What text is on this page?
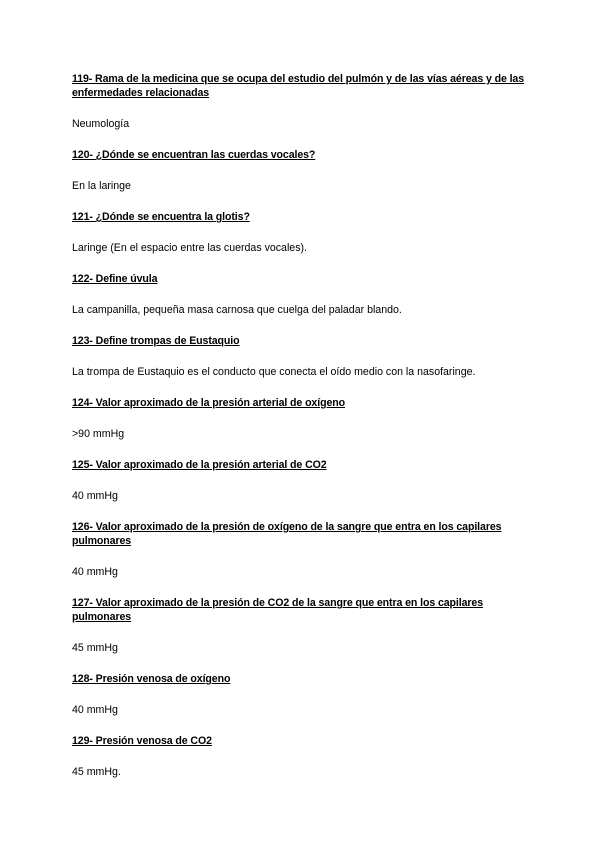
119- Rama de la medicina que se ocupa del estudio del pulmón y de las vías aéreas y de las enfermedades relacionadas

Neumología

120- ¿Dónde se encuentran las cuerdas vocales?

En la laringe

121- ¿Dónde se encuentra la glotis?

Laringe (En el espacio entre las cuerdas vocales).

122- Define úvula

La campanilla, pequeña masa carnosa que cuelga del paladar blando.

123- Define trompas de Eustaquio

La trompa de Eustaquio es el conducto que conecta el oído medio con la nasofaringe.

124- Valor aproximado de la presión arterial de oxígeno

>90 mmHg

125- Valor aproximado de la presión arterial de CO2

40 mmHg

126- Valor aproximado de la presión de oxígeno de la sangre que entra en los capilares pulmonares

40 mmHg

127- Valor aproximado de la presión de CO2 de la sangre que entra en los capilares pulmonares

45 mmHg

128- Presión venosa de oxígeno

40 mmHg

129- Presión venosa de CO2

45 mmHg.
